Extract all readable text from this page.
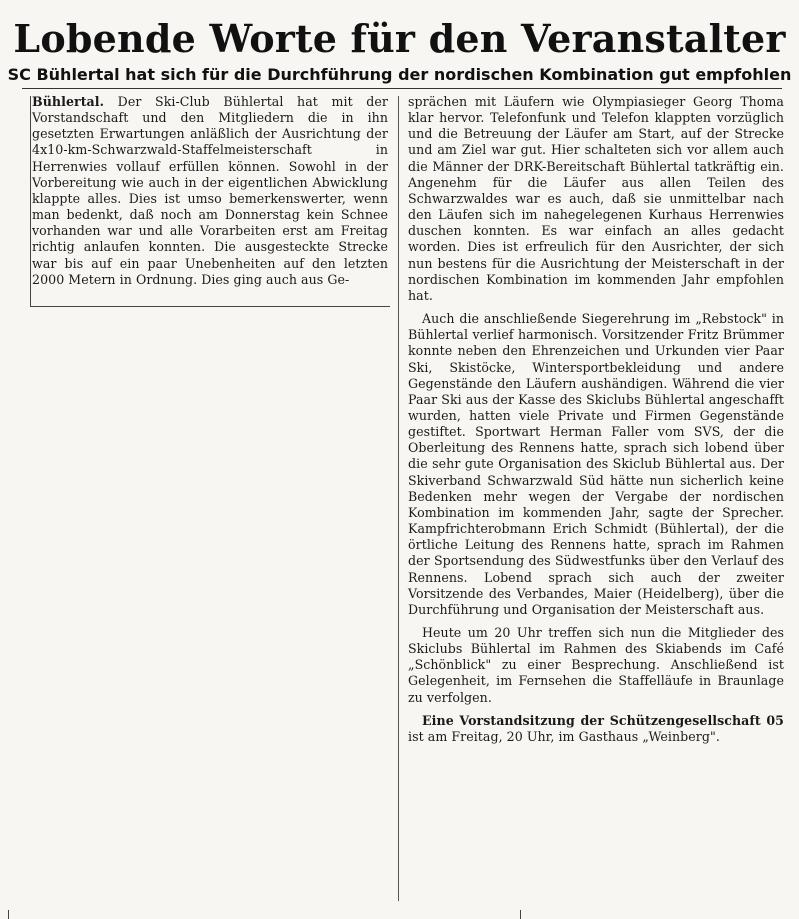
Lobende Worte für den Veranstalter
SC Bühlertal hat sich für die Durchführung der nordischen Kombination gut empfohlen

Bühlertal. Der Ski-Club Bühlertal hat mit der Vorstandschaft und den Mitgliedern die in ihn gesetzten Erwartungen anläßlich der Ausrichtung der 4x10-km-Schwarzwald-Staffelmeisterschaft in Herrenwies vollauf erfüllen können. Sowohl in der Vorbereitung wie auch in der eigentlichen Abwicklung klappte alles. Dies ist umso bemerkenswerter, wenn man bedenkt, daß noch am Donnerstag kein Schnee vorhanden war und alle Vorarbeiten erst am Freitag richtig anlaufen konnten. Die ausgesteckte Strecke war bis auf ein paar Unebenheiten auf den letzten 2000 Metern in Ordnung. Dies ging auch aus Ge-

sprächen mit Läufern wie Olympiasieger Georg Thoma klar hervor. Telefonfunk und Telefon klappten vorzüglich und die Betreuung der Läufer am Start, auf der Strecke und am Ziel war gut. Hier schalteten sich vor allem auch die Männer der DRK-Bereitschaft Bühlertal tatkräftig ein. Angenehm für die Läufer aus allen Teilen des Schwarzwaldes war es auch, daß sie unmittelbar nach den Läufen sich im nahegelegenen Kurhaus Herrenwies duschen konnten. Es war einfach an alles gedacht worden. Dies ist erfreulich für den Ausrichter, der sich nun bestens für die Ausrichtung der Meisterschaft in der nordischen Kombination im kommenden Jahr empfohlen hat.

Auch die anschließende Siegerehrung im „Rebstock" in Bühlertal verlief harmonisch. Vorsitzender Fritz Brümmer konnte neben den Ehrenzeichen und Urkunden vier Paar Ski, Skistöcke, Wintersportbekleidung und andere Gegenstände den Läufern aushändigen. Während die vier Paar Ski aus der Kasse des Skiclubs Bühlertal angeschafft wurden, hatten viele Private und Firmen Gegenstände gestiftet. Sportwart Herman Faller vom SVS, der die Oberleitung des Rennens hatte, sprach sich lobend über die sehr gute Organisation des Skiclub Bühlertal aus. Der Skiverband Schwarzwald Süd hätte nun sicherlich keine Bedenken mehr wegen der Vergabe der nordischen Kombination im kommenden Jahr, sagte der Sprecher. Kampfrichterobmann Erich Schmidt (Bühlertal), der die örtliche Leitung des Rennens hatte, sprach im Rahmen der Sportsendung des Südwestfunks über den Verlauf des Rennens. Lobend sprach sich auch der zweiter Vorsitzende des Verbandes, Maier (Heidelberg), über die Durchführung und Organisation der Meisterschaft aus.

Heute um 20 Uhr treffen sich nun die Mitglieder des Skiclubs Bühlertal im Rahmen des Skiabends im Café „Schönblick" zu einer Besprechung. Anschließend ist Gelegenheit, im Fernsehen die Staffelläufe in Braunlage zu verfolgen.

Eine Vorstandsitzung der Schützengesellschaft 05 ist am Freitag, 20 Uhr, im Gasthaus „Weinberg".
